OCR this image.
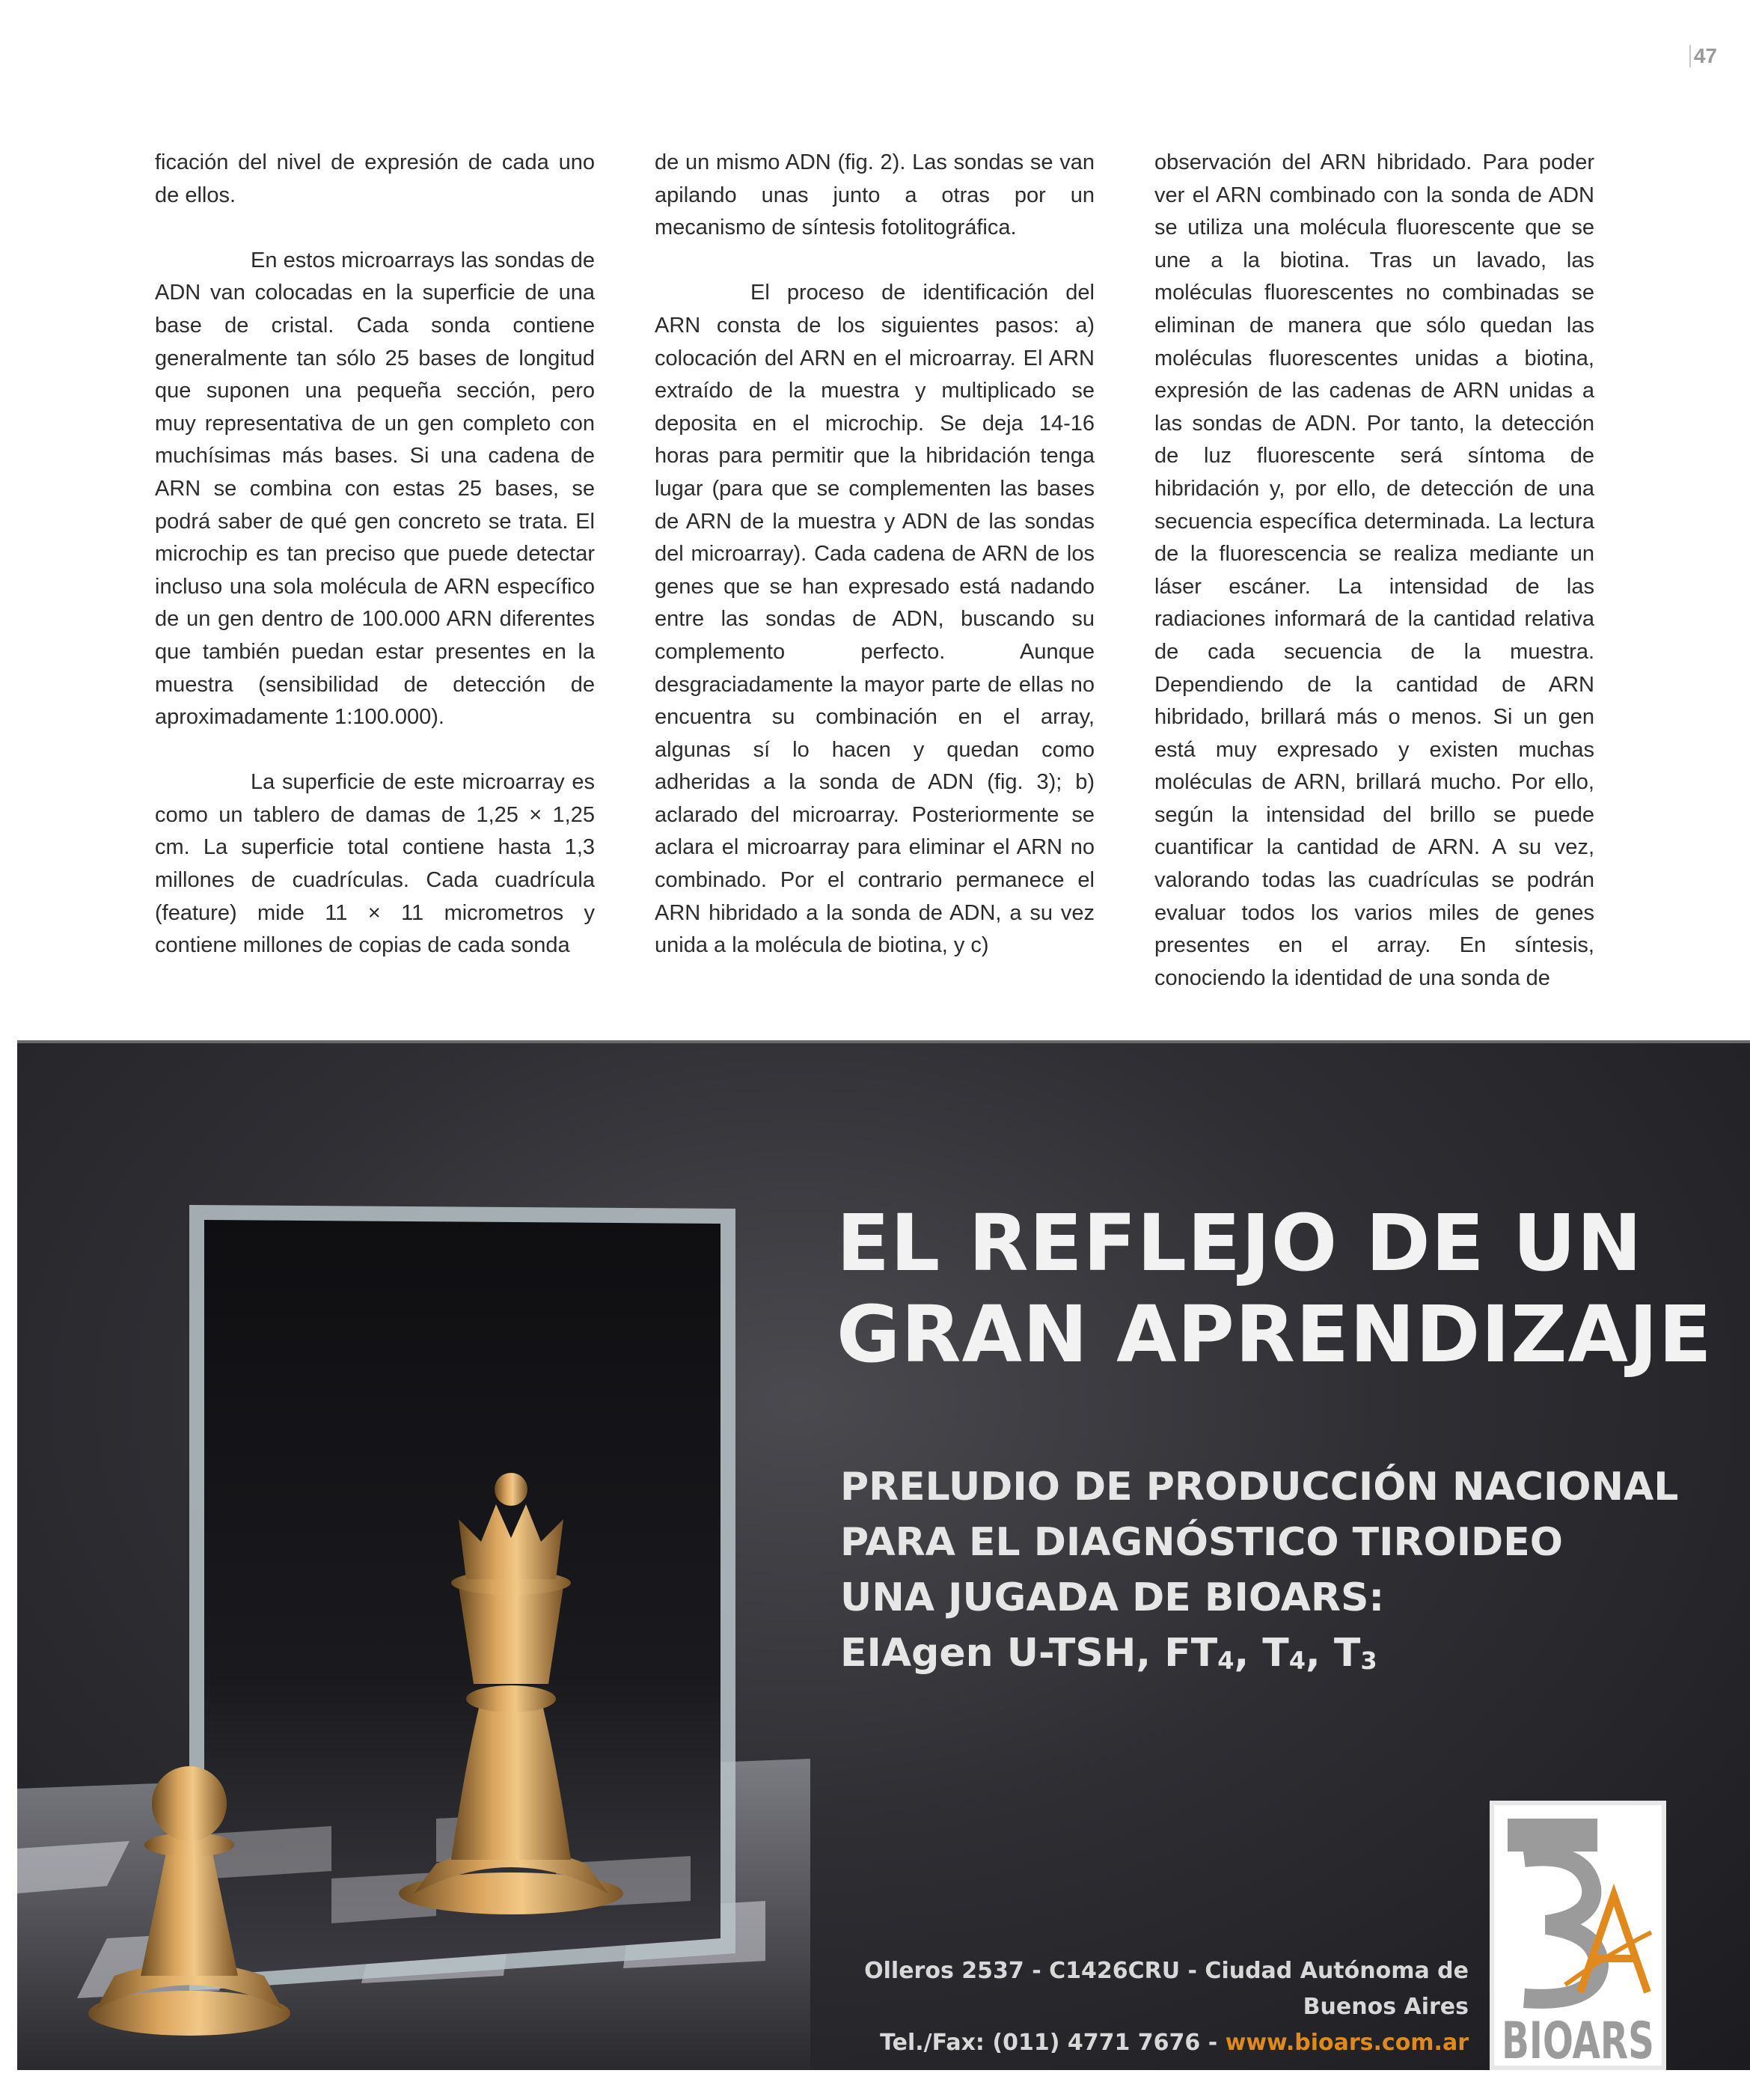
47

ficación del nivel de expresión de cada uno de ellos.

En estos microarrays las sondas de ADN van colocadas en la superficie de una base de cristal. Cada sonda contiene generalmente tan sólo 25 bases de longitud que suponen una pequeña sección, pero muy representativa de un gen completo con muchísimas más bases. Si una cadena de ARN se combina con estas 25 bases, se podrá saber de qué gen concreto se trata. El microchip es tan preciso que puede detectar incluso una sola molécula de ARN específico de un gen dentro de 100.000 ARN diferentes que también puedan estar presentes en la muestra (sensibilidad de detección de aproximadamente 1:100.000).

La superficie de este microarray es como un tablero de damas de 1,25 × 1,25 cm. La superficie total contiene hasta 1,3 millones de cuadrículas. Cada cuadrícula (feature) mide 11 × 11 micrometros y contiene millones de copias de cada sonda

de un mismo ADN (fig. 2). Las sondas se van apilando unas junto a otras por un mecanismo de síntesis fotolitográfica.

El proceso de identificación del ARN consta de los siguientes pasos: a) colocación del ARN en el microarray. El ARN extraído de la muestra y multiplicado se deposita en el microchip. Se deja 14-16 horas para permitir que la hibridación tenga lugar (para que se complementen las bases de ARN de la muestra y ADN de las sondas del microarray). Cada cadena de ARN de los genes que se han expresado está nadando entre las sondas de ADN, buscando su complemento perfecto. Aunque desgraciadamente la mayor parte de ellas no encuentra su combinación en el array, algunas sí lo hacen y quedan como adheridas a la sonda de ADN (fig. 3); b) aclarado del microarray. Posteriormente se aclara el microarray para eliminar el ARN no combinado. Por el contrario permanece el ARN hibridado a la sonda de ADN, a su vez unida a la molécula de biotina, y c)

observación del ARN hibridado. Para poder ver el ARN combinado con la sonda de ADN se utiliza una molécula fluorescente que se une a la biotina. Tras un lavado, las moléculas fluorescentes no combinadas se eliminan de manera que sólo quedan las moléculas fluorescentes unidas a biotina, expresión de las cadenas de ARN unidas a las sondas de ADN. Por tanto, la detección de luz fluorescente será síntoma de hibridación y, por ello, de detección de una secuencia específica determinada. La lectura de la fluorescencia se realiza mediante un láser escáner. La intensidad de las radiaciones informará de la cantidad relativa de cada secuencia de la muestra. Dependiendo de la cantidad de ARN hibridado, brillará más o menos. Si un gen está muy expresado y existen muchas moléculas de ARN, brillará mucho. Por ello, según la intensidad del brillo se puede cuantificar la cantidad de ARN. A su vez, valorando todas las cuadrículas se podrán evaluar todos los varios miles de genes presentes en el array. En síntesis, conociendo la identidad de una sonda de

EL REFLEJO DE UN
GRAN APRENDIZAJE
PRELUDIO DE PRODUCCIÓN NACIONAL
PARA EL DIAGNÓSTICO TIROIDEO
UNA JUGADA DE BIOARS:
EIAgen U-TSH, $FT_4$, $T_4$, $T_3$
Olleros 2537 - C1426CRU - Ciudad Autónoma de Buenos Aires
Tel./Fax: (011) 4771 7676 - www.bioars.com.ar BIOARS
